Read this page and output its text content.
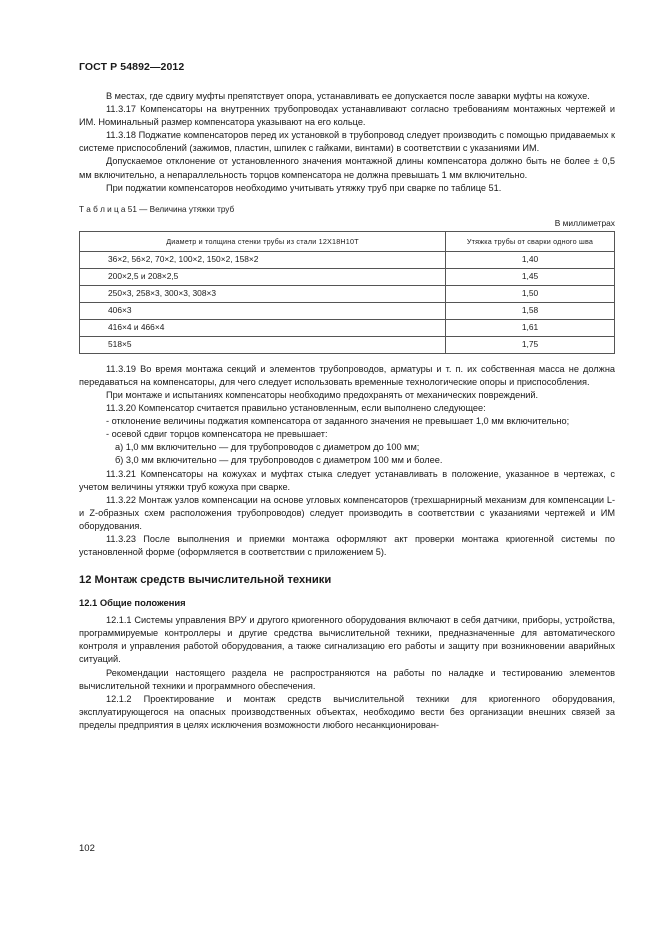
ГОСТ Р 54892—2012

В местах, где сдвигу муфты препятствует опора, устанавливать ее допускается после заварки муфты на кожухе.

11.3.17 Компенсаторы на внутренних трубопроводах устанавливают согласно требованиям монтажных чертежей и ИМ. Номинальный размер компенсатора указывают на его кольце.

11.3.18 Поджатие компенсаторов перед их установкой в трубопровод следует производить с помощью придаваемых к системе приспособлений (зажимов, пластин, шпилек с гайками, винтами) в соответствии с указаниями ИМ.

Допускаемое отклонение от установленного значения монтажной длины компенсатора должно быть не более ± 0,5 мм включительно, а непараллельность торцов компенсатора не должна превышать 1 мм включительно.

При поджатии компенсаторов необходимо учитывать утяжку труб при сварке по таблице 51.

Т а б л и ц а 51 — Величина утяжки труб
В миллиметрах
Диаметр и толщина стенки трубы из стали 12Х18Н10Т	Утяжка трубы от сварки одного шва
36×2, 56×2, 70×2, 100×2, 150×2, 158×2	1,40
200×2,5 и 208×2,5	1,45
250×3, 258×3, 300×3, 308×3	1,50
406×3	1,58
416×4 и 466×4	1,61
518×5	1,75

11.3.19 Во время монтажа секций и элементов трубопроводов, арматуры и т. п. их собственная масса не должна передаваться на компенсаторы, для чего следует использовать временные технологические опоры и приспособления.

При монтаже и испытаниях компенсаторы необходимо предохранять от механических повреждений.

11.3.20 Компенсатор считается правильно установленным, если выполнено следующее:

- отклонение величины поджатия компенсатора от заданного значения не превышает 1,0 мм включительно;

- осевой сдвиг торцов компенсатора не превышает:

а) 1,0 мм включительно — для трубопроводов с диаметром до 100 мм;

б) 3,0 мм включительно — для трубопроводов с диаметром 100 мм и более.

11.3.21 Компенсаторы на кожухах и муфтах стыка следует устанавливать в положение, указанное в чертежах, с учетом величины утяжки труб кожуха при сварке.

11.3.22 Монтаж узлов компенсации на основе угловых компенсаторов (трехшарнирный механизм для компенсации L- и Z-образных схем расположения трубопроводов) следует производить в соответствии с указаниями чертежей и ИМ оборудования.

11.3.23 После выполнения и приемки монтажа оформляют акт проверки монтажа криогенной системы по установленной форме (оформляется в соответствии с приложением 5).

12 Монтаж средств вычислительной техники
12.1 Общие положения

12.1.1 Системы управления ВРУ и другого криогенного оборудования включают в себя датчики, приборы, устройства, программируемые контроллеры и другие средства вычислительной техники, предназначенные для автоматического контроля и управления работой оборудования, а также сигнализацию его работы и защиту при возникновении аварийных ситуаций.

Рекомендации настоящего раздела не распространяются на работы по наладке и тестированию элементов вычислительной техники и программного обеспечения.

12.1.2 Проектирование и монтаж средств вычислительной техники для криогенного оборудования, эксплуатирующегося на опасных производственных объектах, необходимо вести без организации внешних связей за пределы предприятия в целях исключения возможности любого несанкционирован-

102
